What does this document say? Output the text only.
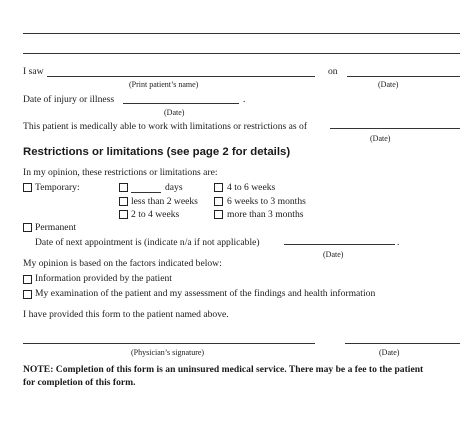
I saw	on
(Print patient’s name)	(Date)
Date of injury or illness	.
(Date)
This patient is medically able to work with limitations or restrictions as of
(Date)
Restrictions or limitations (see page 2 for details)
In my opinion, these restrictions or limitations are:
Temporary:	days	4 to 6 weeks
less than 2 weeks	6 weeks to 3 months
2 to 4 weeks	more than 3 months
Permanent
Date of next appointment is (indicate n/a if not applicable)	.
(Date)
My opinion is based on the factors indicated below:
Information provided by the patient
My examination of the patient and my assessment of the findings and health information
I have provided this form to the patient named above.
(Physician’s signature)	(Date)
NOTE: Completion of this form is an uninsured medical service. There may be a fee to the patient
for completion of this form.
